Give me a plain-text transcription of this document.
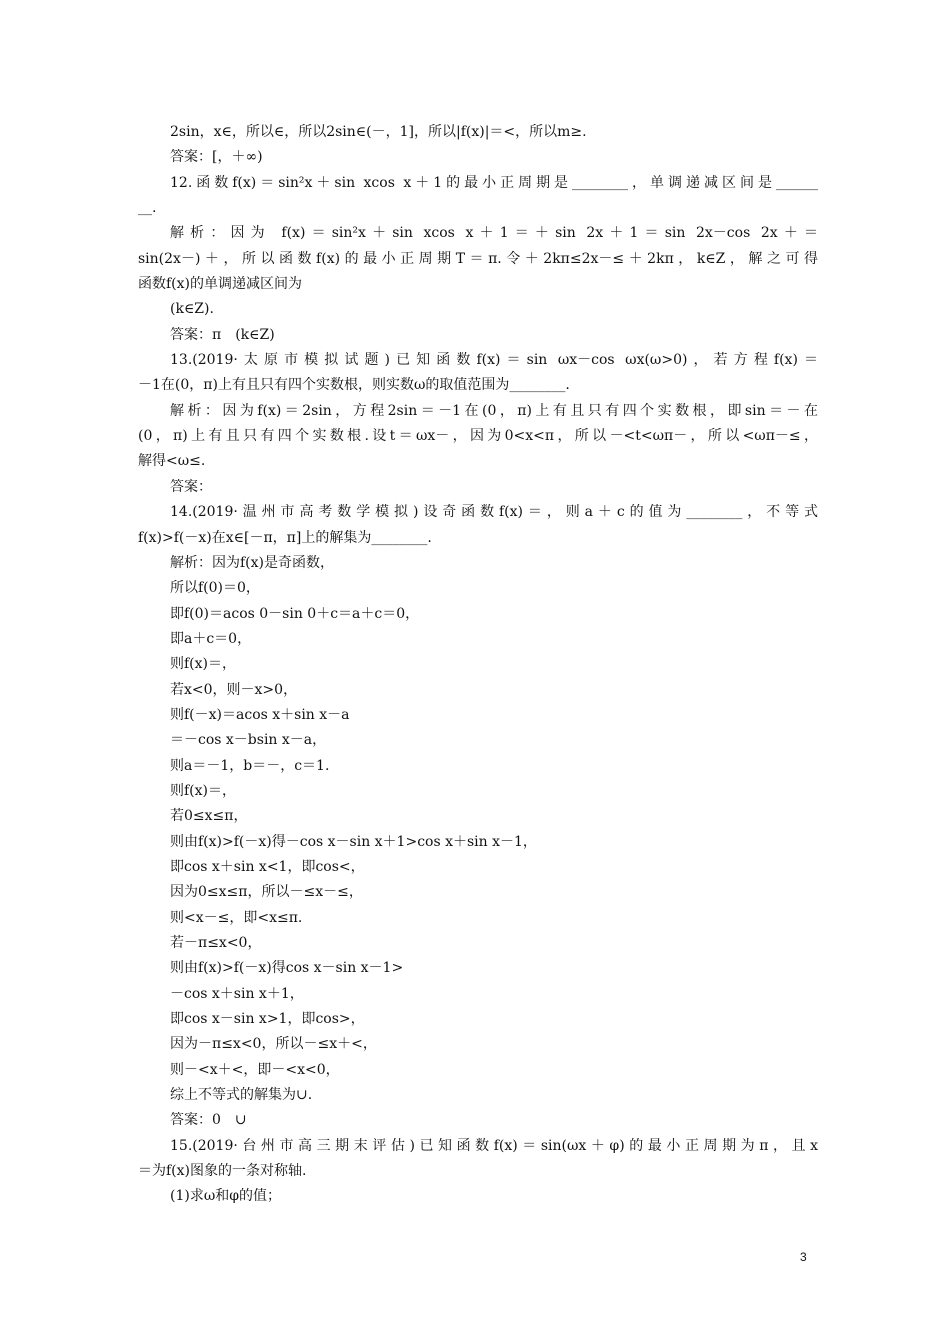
2sin，x∈，所以∈，所以2sin∈(－，1]，所以|f(x)|＝<，所以m≥.
答案：[，＋∞)
12.函数f(x)＝sin²x＋sin xcos x＋1的最小正周期是________，单调递减区间是______
__.
解析：因为 f(x)＝sin²x＋sin xcos x＋1＝＋sin 2x＋1＝sin 2x－cos 2x＋＝
sin(2x－)＋，所以函数f(x)的最小正周期T＝π.令＋2kπ≤2x－≤＋2kπ，k∈Z，解之可得
函数f(x)的单调递减区间为
(k∈Z).
答案：π　(k∈Z)
13.(2019·太原市模拟试题)已知函数f(x)＝sin ωx－cos ωx(ω>0)，若方程f(x)＝
－1在(0，π)上有且只有四个实数根，则实数ω的取值范围为________.
解析：因为f(x)＝2sin，方程2sin＝－1在(0，π)上有且只有四个实数根，即sin＝－在
(0，π)上有且只有四个实数根.设t＝ωx－，因为0<x<π，所以－<t<ωπ－，所以<ωπ－≤，
解得<ω≤.
答案：
14.(2019·温州市高考数学模拟)设奇函数f(x)＝，则a＋c的值为________，不等式
f(x)>f(－x)在x∈[－π，π]上的解集为________.
解析：因为f(x)是奇函数，
所以f(0)＝0，
即f(0)＝acos 0－sin 0＋c＝a＋c＝0，
即a＋c＝0，
则f(x)＝，
若x<0，则－x>0，
则f(－x)＝acos x＋sin x－a
＝－cos x－bsin x－a，
则a＝－1，b＝－，c＝1.
则f(x)＝，
若0≤x≤π，
则由f(x)>f(－x)得－cos x－sin x＋1>cos x＋sin x－1，
即cos x＋sin x<1，即cos<，
因为0≤x≤π，所以－≤x－≤，
则<x－≤，即<x≤π.
若－π≤x<0，
则由f(x)>f(－x)得cos x－sin x－1>
－cos x＋sin x＋1，
即cos x－sin x>1，即cos>，
因为－π≤x<0，所以－≤x＋<，
则－<x＋<，即－<x<0，
综上不等式的解集为∪.
答案：0　∪
15.(2019·台州市高三期末评估)已知函数f(x)＝sin(ωx＋φ)的最小正周期为π，且x
＝为f(x)图象的一条对称轴.
(1)求ω和φ的值；
3
